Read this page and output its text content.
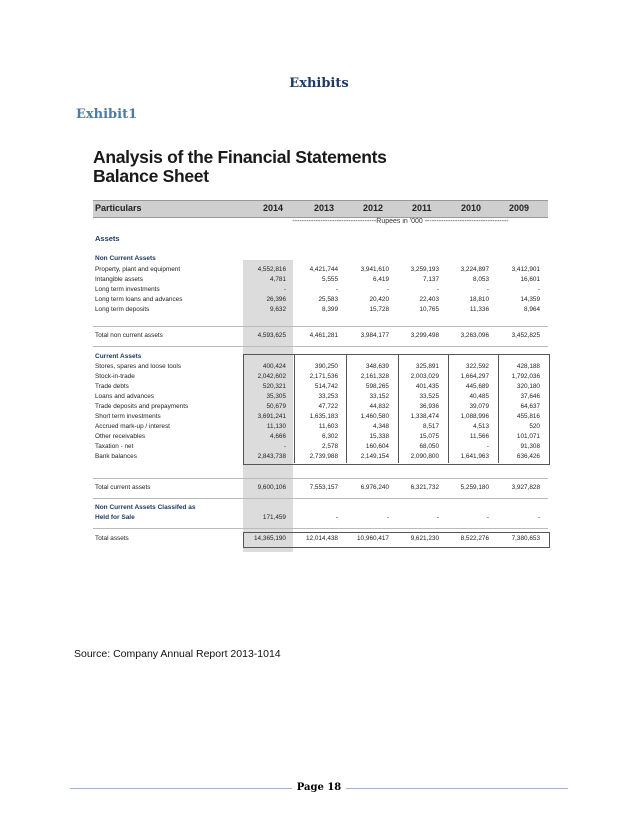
Exhibits
Exhibit1
Analysis of the Financial Statements
Balance Sheet
Particulars	2014	2013	2012	2011	2010	2009
------------------------------------Rupees in '000 ------------------------------------
Assets
Non Current Assets
Property, plant and equipment	4,552,816	4,421,744	3,941,610	3,259,193	3,224,897	3,412,901
Intangible assets	4,781	5,555	6,419	7,137	8,053	16,601
Long term investments	-	-	-	-	-	-
Long term loans and advances	26,396	25,583	20,420	22,403	18,810	14,359
Long term deposits	9,632	8,399	15,728	10,765	11,336	8,964
Total non current assets	4,593,625	4,461,281	3,984,177	3,299,498	3,263,096	3,452,825
Current Assets
Stores, spares and loose tools	400,424	390,250	348,639	325,891	322,592	428,188
Stock-in-trade	2,042,602	2,171,536	2,161,328	2,003,029	1,664,297	1,792,036
Trade debts	520,321	514,742	598,265	401,435	445,689	320,180
Loans and advances	35,305	33,253	33,152	33,525	40,485	37,646
Trade deposits and prepayments	50,679	47,722	44,832	36,936	39,079	64,637
Short term investments	3,691,241	1,635,183	1,460,580	1,338,474	1,088,996	455,816
Accrued mark-up / interest	11,130	11,603	4,348	8,517	4,513	520
Other receivables	4,666	6,302	15,338	15,075	11,566	101,071
Taxation - net	-	2,578	160,604	68,050	-	91,308
Bank balances	2,843,738	2,739,988	2,149,154	2,090,800	1,641,963	636,426
Total current assets	9,600,106	7,553,157	6,976,240	6,321,732	5,259,180	3,927,828
Non Current Assets Classifed as
Held for Sale	171,459	-	-	-	-	-
Total assets	14,365,190	12,014,438	10,960,417	9,621,230	8,522,276	7,380,653
Source: Company Annual Report 2013-1014
Page 18
